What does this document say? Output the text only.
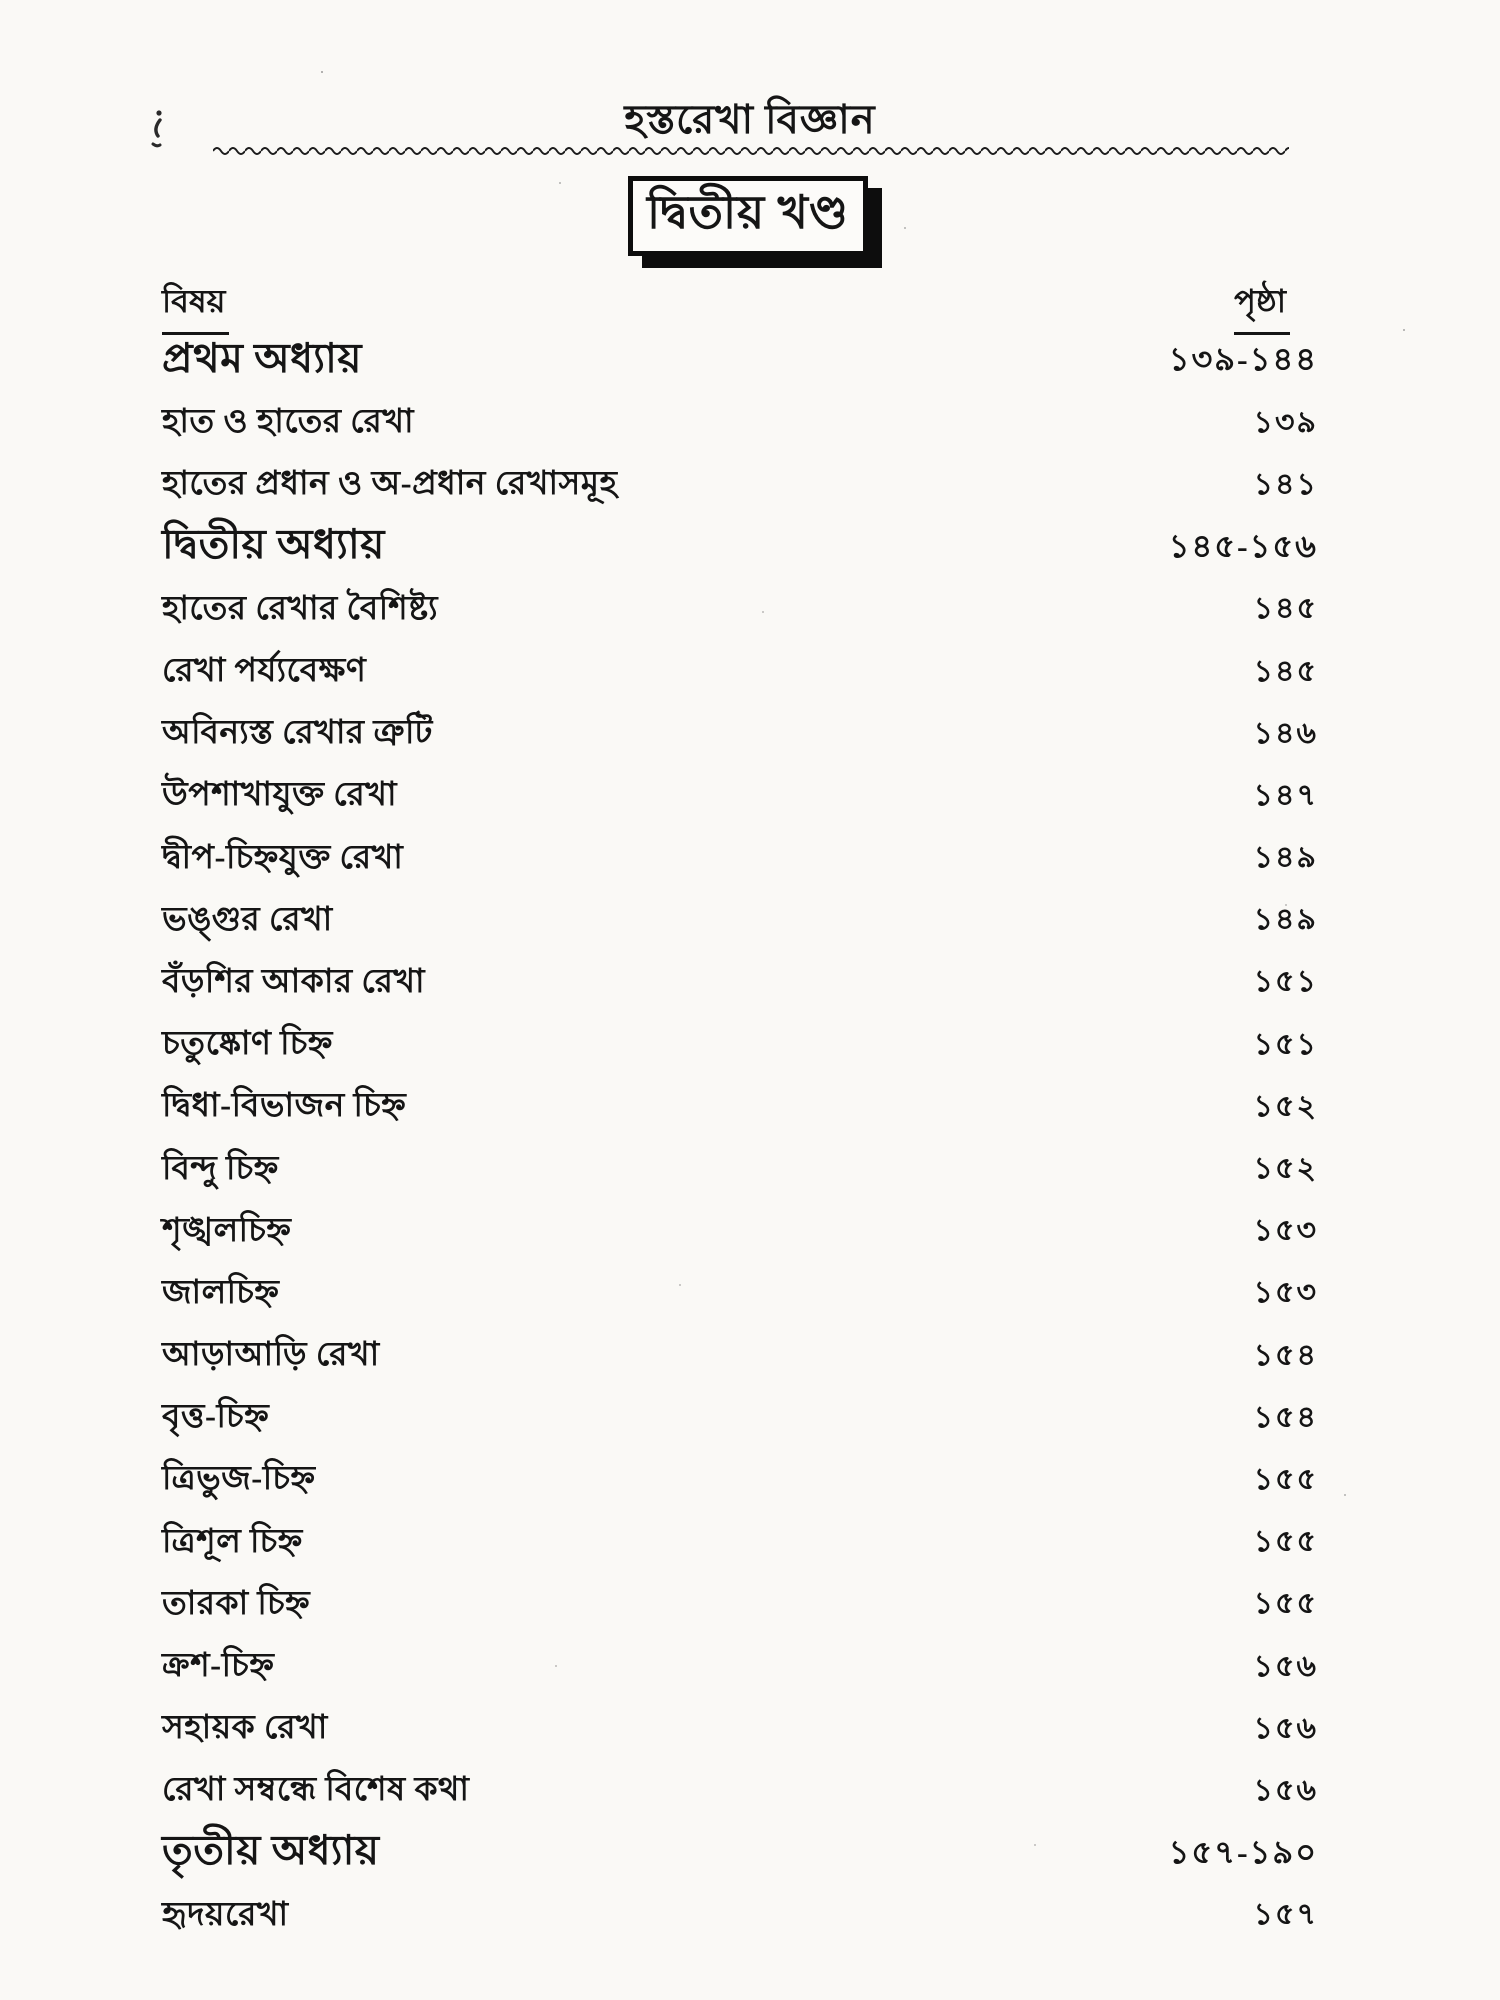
হস্তরেখা বিজ্ঞান
দ্বিতীয় খণ্ড
বিষয়	পৃষ্ঠা
প্রথম অধ্যায়	১৩৯-১৪৪
হাত ও হাতের রেখা	১৩৯
হাতের প্রধান ও অ-প্রধান রেখাসমূহ	১৪১
দ্বিতীয় অধ্যায়	১৪৫-১৫৬
হাতের রেখার বৈশিষ্ট্য	১৪৫
রেখা পর্য্যবেক্ষণ	১৪৫
অবিন্যস্ত রেখার ত্রুটি	১৪৬
উপশাখাযুক্ত রেখা	১৪৭
দ্বীপ-চিহ্নযুক্ত রেখা	১৪৯
ভঙ্গুর রেখা	১৪৯
বঁড়শির আকার রেখা	১৫১
চতুষ্কোণ চিহ্ন	১৫১
দ্বিধা-বিভাজন চিহ্ন	১৫২
বিন্দু চিহ্ন	১৫২
শৃঙ্খলচিহ্ন	১৫৩
জালচিহ্ন	১৫৩
আড়াআড়ি রেখা	১৫৪
বৃত্ত-চিহ্ন	১৫৪
ত্রিভুজ-চিহ্ন	১৫৫
ত্রিশূল চিহ্ন	১৫৫
তারকা চিহ্ন	১৫৫
ক্রশ-চিহ্ন	১৫৬
সহায়ক রেখা	১৫৬
রেখা সম্বন্ধে বিশেষ কথা	১৫৬
তৃতীয় অধ্যায়	১৫৭-১৯০
হৃদয়রেখা	১৫৭
